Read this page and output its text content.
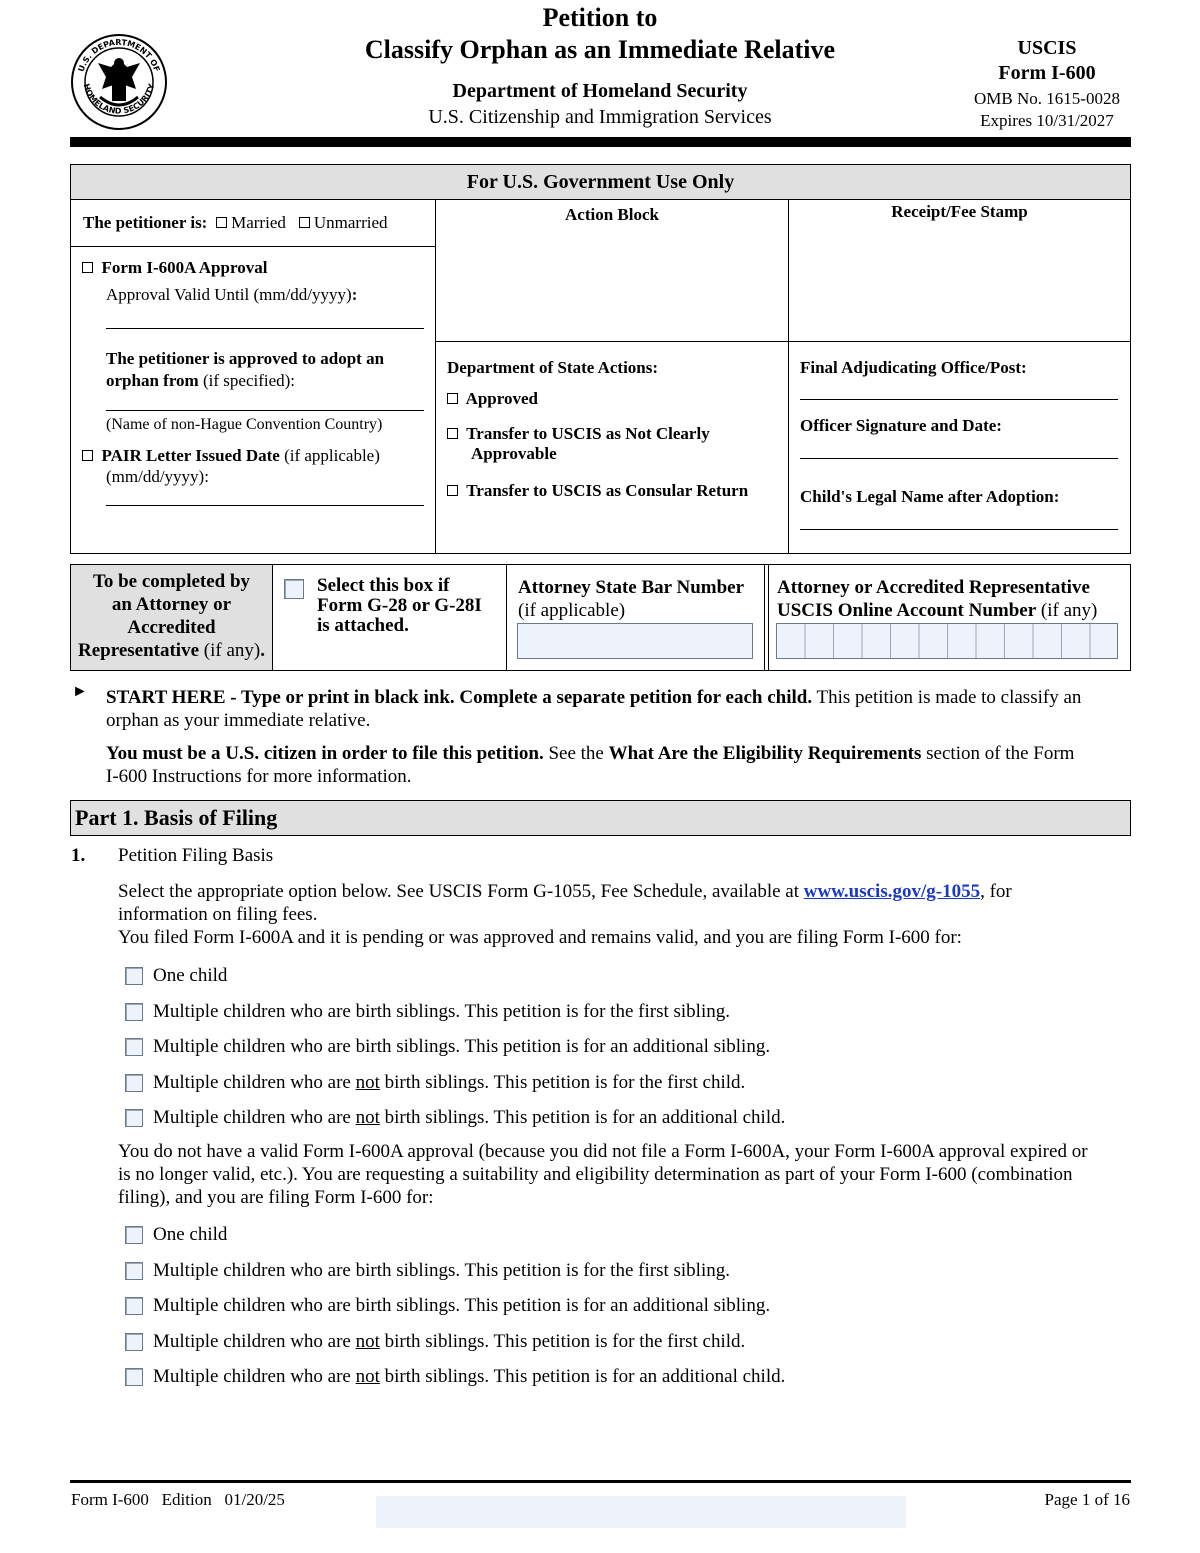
U.S. DEPARTMENT OF
HOMELAND SECURITY
Petition to
Classify Orphan as an Immediate Relative
Department of Homeland Security
U.S. Citizenship and Immigration Services
USCIS
Form I-600
OMB No. 1615-0028
Expires 10/31/2027
For U.S. Government Use Only
The petitioner is: Married Unmarried
Form I-600A Approval
Approval Valid Until (mm/dd/yyyy):
The petitioner is approved to adopt an orphan from (if specified):
(Name of non-Hague Convention Country)
PAIR Letter Issued Date (if applicable)
(mm/dd/yyyy):
Action Block
Department of State Actions:
Approved
Transfer to USCIS as Not Clearly
Approvable
Transfer to USCIS as Consular Return
Receipt/Fee Stamp
Final Adjudicating Office/Post:
Officer Signature and Date:
Child's Legal Name after Adoption:
To be completed by
an Attorney or
Accredited
Representative (if any).
Select this box if
Form G-28 or G-28I
is attached.
Attorney State Bar Number
(if applicable)
Attorney or Accredited Representative
USCIS Online Account Number (if any)
► START HERE - Type or print in black ink. Complete a separate petition for each child. This petition is made to classify an
orphan as your immediate relative.
You must be a U.S. citizen in order to file this petition. See the What Are the Eligibility Requirements section of the Form
I-600 Instructions for more information.
Part 1. Basis of Filing
1. Petition Filing Basis
Select the appropriate option below. See USCIS Form G-1055, Fee Schedule, available at www.uscis.gov/g-1055, for
information on filing fees.
You filed Form I-600A and it is pending or was approved and remains valid, and you are filing Form I-600 for:
One child
Multiple children who are birth siblings. This petition is for the first sibling.
Multiple children who are birth siblings. This petition is for an additional sibling.
Multiple children who are not birth siblings. This petition is for the first child.
Multiple children who are not birth siblings. This petition is for an additional child.
You do not have a valid Form I-600A approval (because you did not file a Form I-600A, your Form I-600A approval expired or
is no longer valid, etc.). You are requesting a suitability and eligibility determination as part of your Form I-600 (combination
filing), and you are filing Form I-600 for:
One child
Multiple children who are birth siblings. This petition is for the first sibling.
Multiple children who are birth siblings. This petition is for an additional sibling.
Multiple children who are not birth siblings. This petition is for the first child.
Multiple children who are not birth siblings. This petition is for an additional child.
Form I-600   Edition   01/20/25	Page 1 of 16
